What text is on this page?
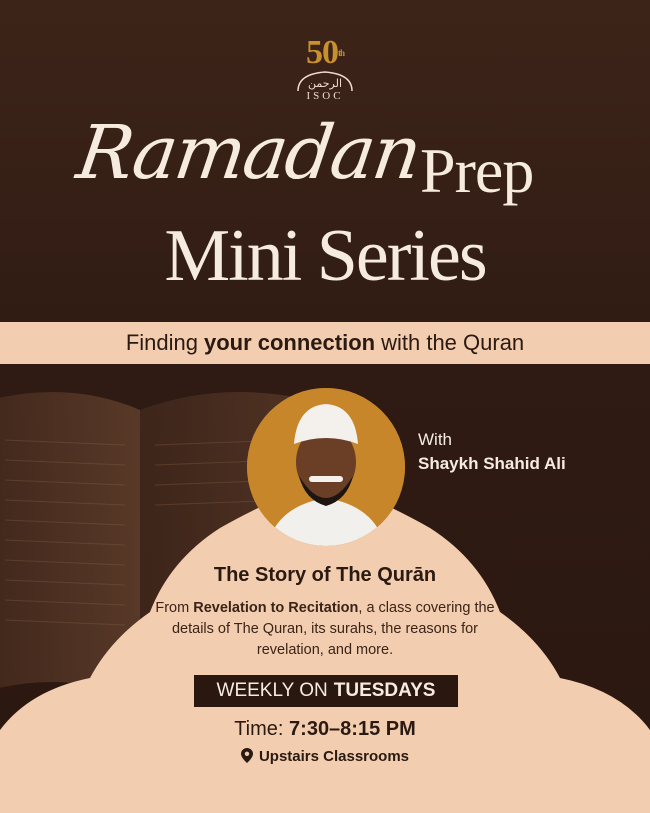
50th
الرحمن
ISOC
Ramadan
Prep
Mini Series
Finding your connection with the Quran
With
Shaykh Shahid Ali
The Story of The Qurān
From Revelation to Recitation, a class covering the details of The Quran, its surahs, the reasons for revelation, and more.
WEEKLY ON TUESDAYS
Time: 7:30–8:15 PM
Upstairs Classrooms
